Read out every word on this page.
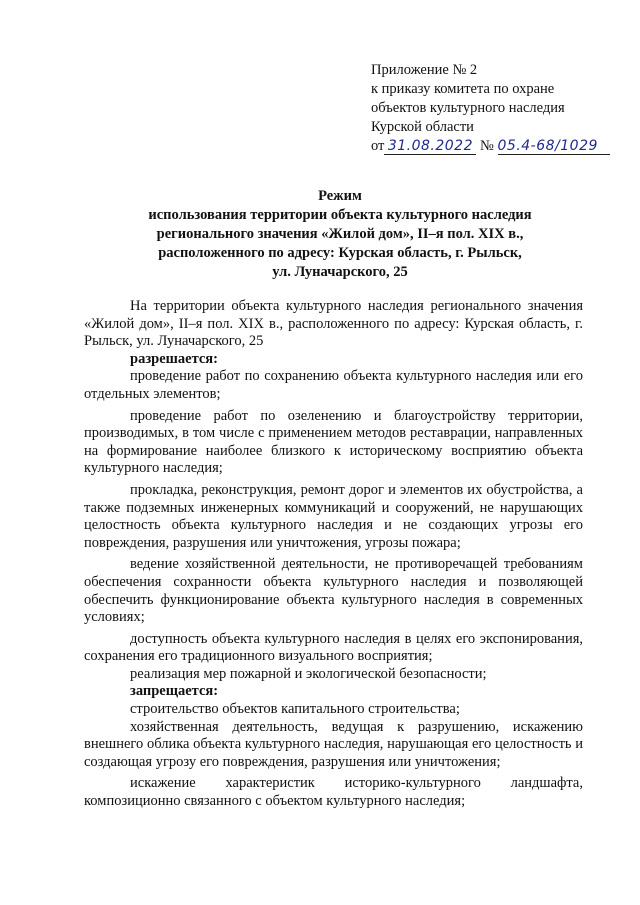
Приложение № 2
к приказу комитета по охране
объектов культурного наследия
Курской области
от 31.08.2022 № 05.4-68/1029
Режим
использования территории объекта культурного наследия
регионального значения «Жилой дом», II–я пол. XIX в.,
расположенного по адресу: Курская область, г. Рыльск,
ул. Луначарского, 25

На территории объекта культурного наследия регионального значения «Жилой дом», II–я пол. XIX в., расположенного по адресу: Курская область, г. Рыльск, ул. Луначарского, 25

разрешается:

проведение работ по сохранению объекта культурного наследия или его отдельных элементов;

проведение работ по озеленению и благоустройству территории, производимых, в том числе с применением методов реставрации, направленных на формирование наиболее близкого к историческому восприятию объекта культурного наследия;

прокладка, реконструкция, ремонт дорог и элементов их обустройства, а также подземных инженерных коммуникаций и сооружений, не нарушающих целостность объекта культурного наследия и не создающих угрозы его повреждения, разрушения или уничтожения, угрозы пожара;

ведение хозяйственной деятельности, не противоречащей требованиям обеспечения сохранности объекта культурного наследия и позволяющей обеспечить функционирование объекта культурного наследия в современных условиях;

доступность объекта культурного наследия в целях его экспонирования, сохранения его традиционного визуального восприятия;

реализация мер пожарной и экологической безопасности;

запрещается:

строительство объектов капитального строительства;

хозяйственная деятельность, ведущая к разрушению, искажению внешнего облика объекта культурного наследия, нарушающая его целостность и создающая угрозу его повреждения, разрушения или уничтожения;

искажение характеристик историко-культурного ландшафта, композиционно связанного с объектом культурного наследия;
